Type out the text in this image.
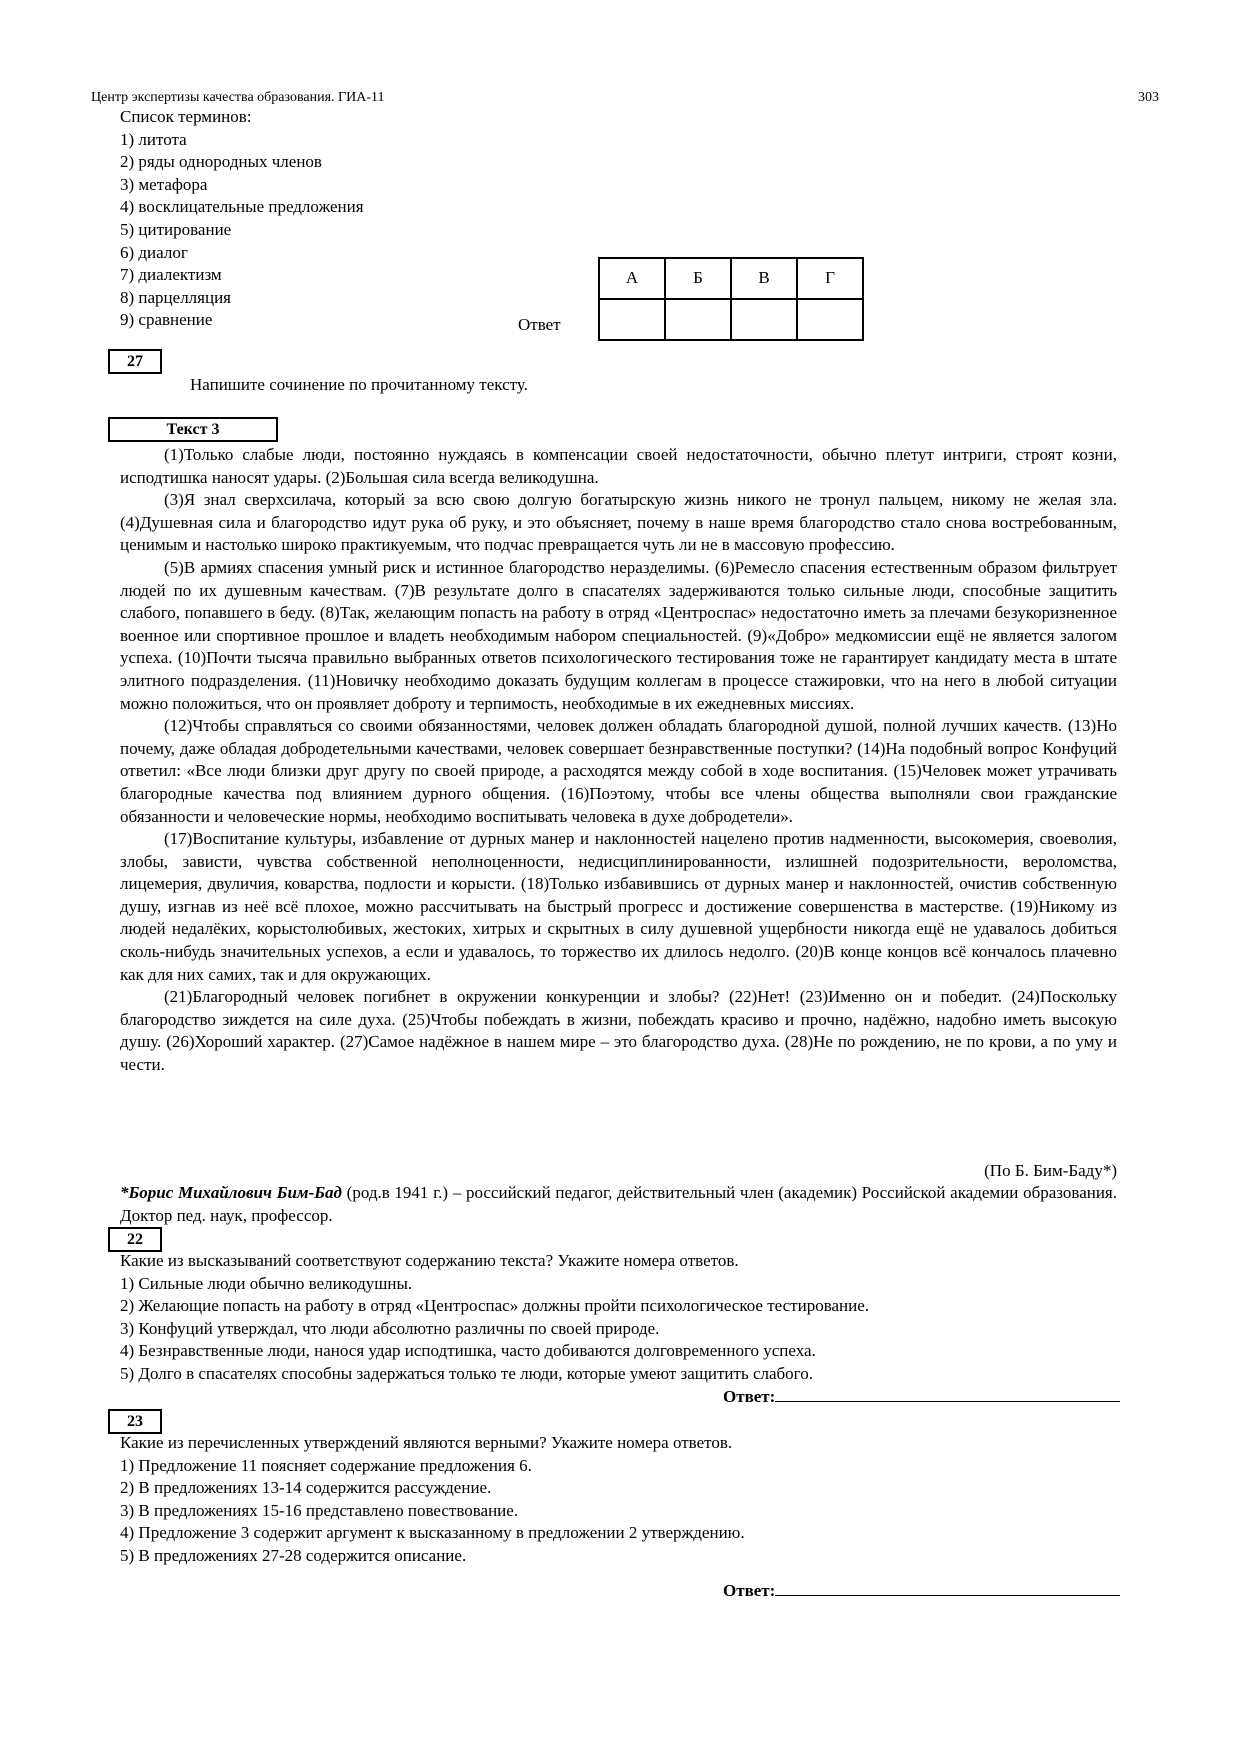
Центр экспертизы качества образования. ГИА-11	303
Список терминов:
1) литота
2) ряды однородных членов
3) метафора
4) восклицательные предложения
5) цитирование
6) диалог
7) диалектизм
8) парцелляция
9) сравнение	Ответ
А	Б	В	Г

27
Напишите сочинение по прочитанному тексту.
Текст 3

(1)Только слабые люди, постоянно нуждаясь в компенсации своей недостаточности, обычно плетут интриги, строят козни, исподтишка наносят удары. (2)Большая сила всегда великодушна.

(3)Я знал сверхсилача, который за всю свою долгую богатырскую жизнь никого не тронул пальцем, никому не желая зла. (4)Душевная сила и благородство идут рука об руку, и это объясняет, почему в наше время благородство стало снова востребованным, ценимым и настолько широко практикуемым, что подчас превращается чуть ли не в массовую профессию.

(5)В армиях спасения умный риск и истинное благородство неразделимы. (6)Ремесло спасения естественным образом фильтрует людей по их душевным качествам. (7)В результате долго в спасателях задерживаются только сильные люди, способные защитить слабого, попавшего в беду. (8)Так, желающим попасть на работу в отряд «Центроспас» недостаточно иметь за плечами безукоризненное военное или спортивное прошлое и владеть необходимым набором специальностей. (9)«Добро» медкомиссии ещё не является залогом успеха. (10)Почти тысяча правильно выбранных ответов психологического тестирования тоже не гарантирует кандидату места в штате элитного подразделения. (11)Новичку необходимо доказать будущим коллегам в процессе стажировки, что на него в любой ситуации можно положиться, что он проявляет доброту и терпимость, необходимые в их ежедневных миссиях.

(12)Чтобы справляться со своими обязанностями, человек должен обладать благородной душой, полной лучших качеств. (13)Но почему, даже обладая добродетельными качествами, человек совершает безнравственные поступки? (14)На подобный вопрос Конфуций ответил: «Все люди близки друг другу по своей природе, а расходятся между собой в ходе воспитания. (15)Человек может утрачивать благородные качества под влиянием дурного общения. (16)Поэтому, чтобы все члены общества выполняли свои гражданские обязанности и человеческие нормы, необходимо воспитывать человека в духе добродетели».

(17)Воспитание культуры, избавление от дурных манер и наклонностей нацелено против надменности, высокомерия, своеволия, злобы, зависти, чувства собственной неполноценности, недисциплинированности, излишней подозрительности, вероломства, лицемерия, двуличия, коварства, подлости и корысти. (18)Только избавившись от дурных манер и наклонностей, очистив собственную душу, изгнав из неё всё плохое, можно рассчитывать на быстрый прогресс и достижение совершенства в мастерстве. (19)Никому из людей недалёких, корыстолюбивых, жестоких, хитрых и скрытных в силу душевной ущербности никогда ещё не удавалось добиться сколь-нибудь значительных успехов, а если и удавалось, то торжество их длилось недолго. (20)В конце концов всё кончалось плачевно как для них самих, так и для окружающих.

(21)Благородный человек погибнет в окружении конкуренции и злобы? (22)Нет! (23)Именно он и победит. (24)Поскольку благородство зиждется на силе духа. (25)Чтобы побеждать в жизни, побеждать красиво и прочно, надёжно, надобно иметь высокую душу. (26)Хороший характер. (27)Самое надёжное в нашем мире – это благородство духа. (28)Не по рождению, не по крови, а по уму и чести.

(По Б. Бим-Баду*)
*Борис Михайлович Бим-Бад (род.в 1941 г.) – российский педагог, действительный член (академик) Российской академии образования. Доктор пед. наук, профессор.
22
Какие из высказываний соответствуют содержанию текста? Укажите номера ответов.
1) Сильные люди обычно великодушны.
2) Желающие попасть на работу в отряд «Центроспас» должны пройти психологическое тестирование.
3) Конфуций утверждал, что люди абсолютно различны по своей природе.
4) Безнравственные люди, нанося удар исподтишка, часто добиваются долговременного успеха.
5) Долго в спасателях способны задержаться только те люди, которые умеют защитить слабого.
Ответ:
23
Какие из перечисленных утверждений являются верными? Укажите номера ответов.
1) Предложение 11 поясняет содержание предложения 6.
2) В предложениях 13-14 содержится рассуждение.
3) В предложениях 15-16 представлено повествование.
4) Предложение 3 содержит аргумент к высказанному в предложении 2 утверждению.
5) В предложениях 27-28 содержится описание.
Ответ:
